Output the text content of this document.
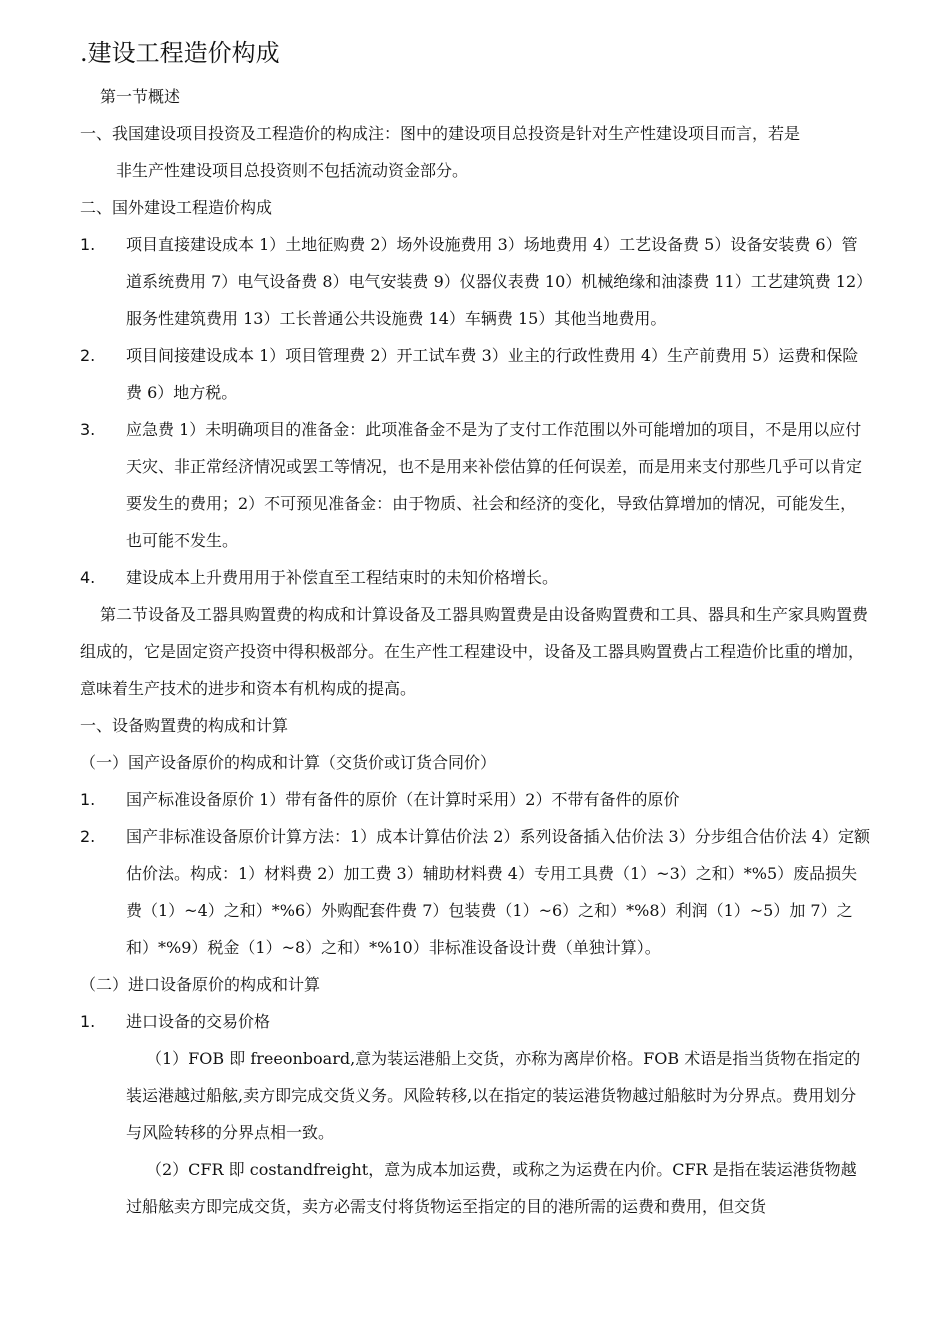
.建设工程造价构成

第一节概述

一、我国建设项目投资及工程造价的构成注：图中的建设项目总投资是针对生产性建设项目而言，若是
非生产性建设项目总投资则不包括流动资金部分。

二、国外建设工程造价构成

1.	项目直接建设成本 1）土地征购费 2）场外设施费用 3）场地费用 4）工艺设备费 5）设备安装费 6）管道系统费用 7）电气设备费 8）电气安装费 9）仪器仪表费 10）机械绝缘和油漆费 11）工艺建筑费 12）服务性建筑费用 13）工长普通公共设施费 14）车辆费 15）其他当地费用。
2.	项目间接建设成本 1）项目管理费 2）开工试车费 3）业主的行政性费用 4）生产前费用 5）运费和保险费 6）地方税。
3.	应急费 1）未明确项目的准备金：此项准备金不是为了支付工作范围以外可能增加的项目，不是用以应付天灾、非正常经济情况或罢工等情况，也不是用来补偿估算的任何误差，而是用来支付那些几乎可以肯定要发生的费用；2）不可预见准备金：由于物质、社会和经济的变化，导致估算增加的情况，可能发生，也可能不发生。
4.	建设成本上升费用用于补偿直至工程结束时的未知价格增长。

第二节设备及工器具购置费的构成和计算设备及工器具购置费是由设备购置费和工具、器具和生产家具购置费组成的，它是固定资产投资中得积极部分。在生产性工程建设中，设备及工器具购置费占工程造价比重的增加，意味着生产技术的进步和资本有机构成的提高。

一、设备购置费的构成和计算

（一）国产设备原价的构成和计算（交货价或订货合同价）

1.	国产标准设备原价 1）带有备件的原价（在计算时采用）2）不带有备件的原价
2.	国产非标准设备原价计算方法：1）成本计算估价法 2）系列设备插入估价法 3）分步组合估价法 4）定额估价法。构成：1）材料费 2）加工费 3）辅助材料费 4）专用工具费（1）~3）之和）*%5）废品损失费（1）~4）之和）*%6）外购配套件费 7）包装费（1）~6）之和）*%8）利润（1）~5）加 7）之和）*%9）税金（1）~8）之和）*%10）非标准设备设计费（单独计算）。

（二）进口设备原价的构成和计算

1.	进口设备的交易价格

（1）FOB 即 freeonboard,意为装运港船上交货，亦称为离岸价格。FOB 术语是指当货物在指定的装运港越过船舷,卖方即完成交货义务。风险转移,以在指定的装运港货物越过船舷时为分界点。费用划分与风险转移的分界点相一致。

（2）CFR 即 costandfreight，意为成本加运费，或称之为运费在内价。CFR 是指在装运港货物越过船舷卖方即完成交货，卖方必需支付将货物运至指定的目的港所需的运费和费用，但交货
